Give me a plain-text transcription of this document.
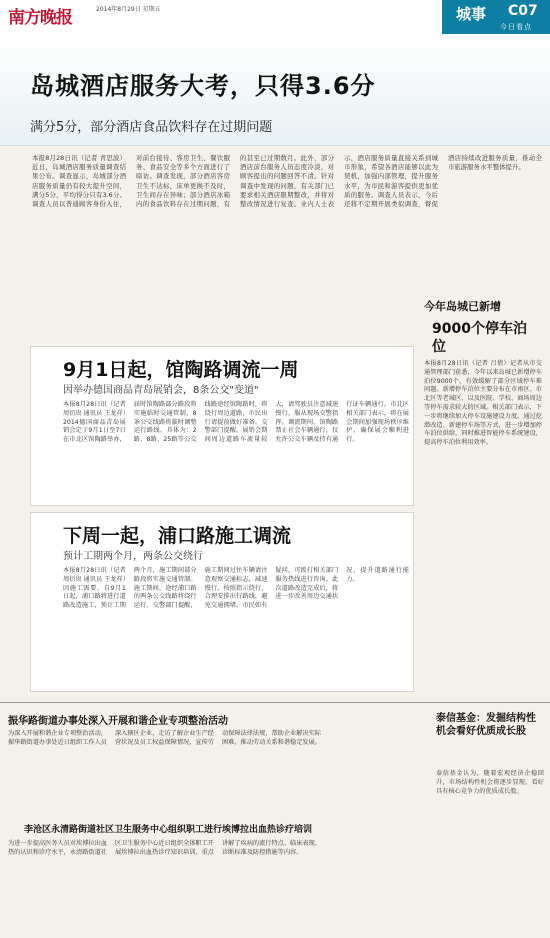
南方晚报	2014年8月29日 星期五	城事 C07
今日看点
岛城酒店服务大考，只得3.6分
满分5分，部分酒店食品饮料存在过期问题
本报8月28日讯（记者 青思波）近日，岛城酒店服务质量调查结果公布。调查显示，岛城部分酒店服务质量仍有较大提升空间，满分5分，平均得分只有3.6分。调查人员以普通顾客身份入住，对前台接待、客房卫生、餐饮服务、食品安全等多个方面进行了暗访。调查发现，部分酒店客房卫生不达标，床单更换不及时，卫生间存在异味；部分酒店冰箱内的食品饮料存在过期问题，有的甚至已过期数月。此外，部分酒店前台服务人员态度冷淡，对顾客提出的问题回答不清。针对调查中发现的问题，有关部门已要求相关酒店限期整改，并将对整改情况进行复查。业内人士表示，酒店服务质量直接关系到城市形象，希望各酒店能够以此为契机，加强内部管理，提升服务水平，为市民和游客提供更加优质的服务。调查人员表示，今后还将不定期开展类似调查，督促酒店持续改进服务质量，推动全市旅游服务水平整体提升。
9月1日起，馆陶路调流一周
因举办德国商品青岛展销会，8条公交"变道"
本报8月28日讯（记者 周衍贵 通讯员 王龙祥）2014德国商品青岛展销会定于9月1日至7日在市北区馆陶路举办，届时馆陶路部分路段将实施临时交通管制，8条公交线路将临时调整运行路线。具体为：2路、8路、25路等公交线路途经馆陶路时，将绕行周边道路，市民出行请提前做好准备。交警部门提醒，展销会期间周边道路车流量较大，请驾驶员注意减速慢行，服从现场交警指挥。调流期间，馆陶路禁止社会车辆通行，仅允许公交车辆及持有通行证车辆通行。市北区相关部门表示，将在展会期间加强现场秩序维护，确保展会顺利进行。
下周一起，浦口路施工调流
预计工期两个月，两条公交绕行
本报8月28日讯（记者 周衍贵 通讯员 王龙祥）因施工需要，自9月1日起，浦口路将进行道路改造施工，预计工期两个月，施工期间部分路段将实施交通管制。施工期间，途经浦口路的两条公交线路将绕行运行。交警部门提醒，施工期间过往车辆请注意观察交通标志，减速慢行，按照指示绕行，合理安排出行路线，避免交通拥堵。市民如有疑问，可拨打相关部门服务热线进行咨询。此次道路改造完成后，将进一步改善周边交通状况，提升道路通行能力。
今年岛城已新增
9000个停车泊位
本报8月28日讯（记者 吕倩）记者从市交通管理部门获悉，今年以来岛城已新增停车泊位9000个，有效缓解了部分区域停车难问题。新增停车泊位主要分布在市南区、市北区等老城区，以及医院、学校、商场周边等停车需求较大的区域。相关部门表示，下一步将继续加大停车设施建设力度，通过挖潜改造、新建停车场等方式，进一步增加停车泊位供给，同时推进智能停车系统建设，提高停车泊位利用效率。
振华路街道办事处深入开展和谐企业专项整治活动
为深入开展和谐企业专项整治活动，振华路街道办事处近日组织工作人员深入辖区企业，走访了解企业生产经营状况及员工权益保障情况，宣传劳动保障法律法规，帮助企业解决实际困难，推动劳动关系和谐稳定发展。
李沧区永清路街道社区卫生服务中心组织职工进行埃博拉出血热诊疗培训
为进一步提高医务人员对埃博拉出血热的认识和诊疗水平，永清路街道社区卫生服务中心近日组织全体职工开展埃博拉出血热诊疗知识培训，重点讲解了疾病的流行特点、临床表现、诊断标准及防控措施等内容。
泰信基金：发掘结构性机会看好优质成长股
泰信基金认为，随着宏观经济企稳回升，市场结构性机会将逐步显现，看好具有核心竞争力的优质成长股。
